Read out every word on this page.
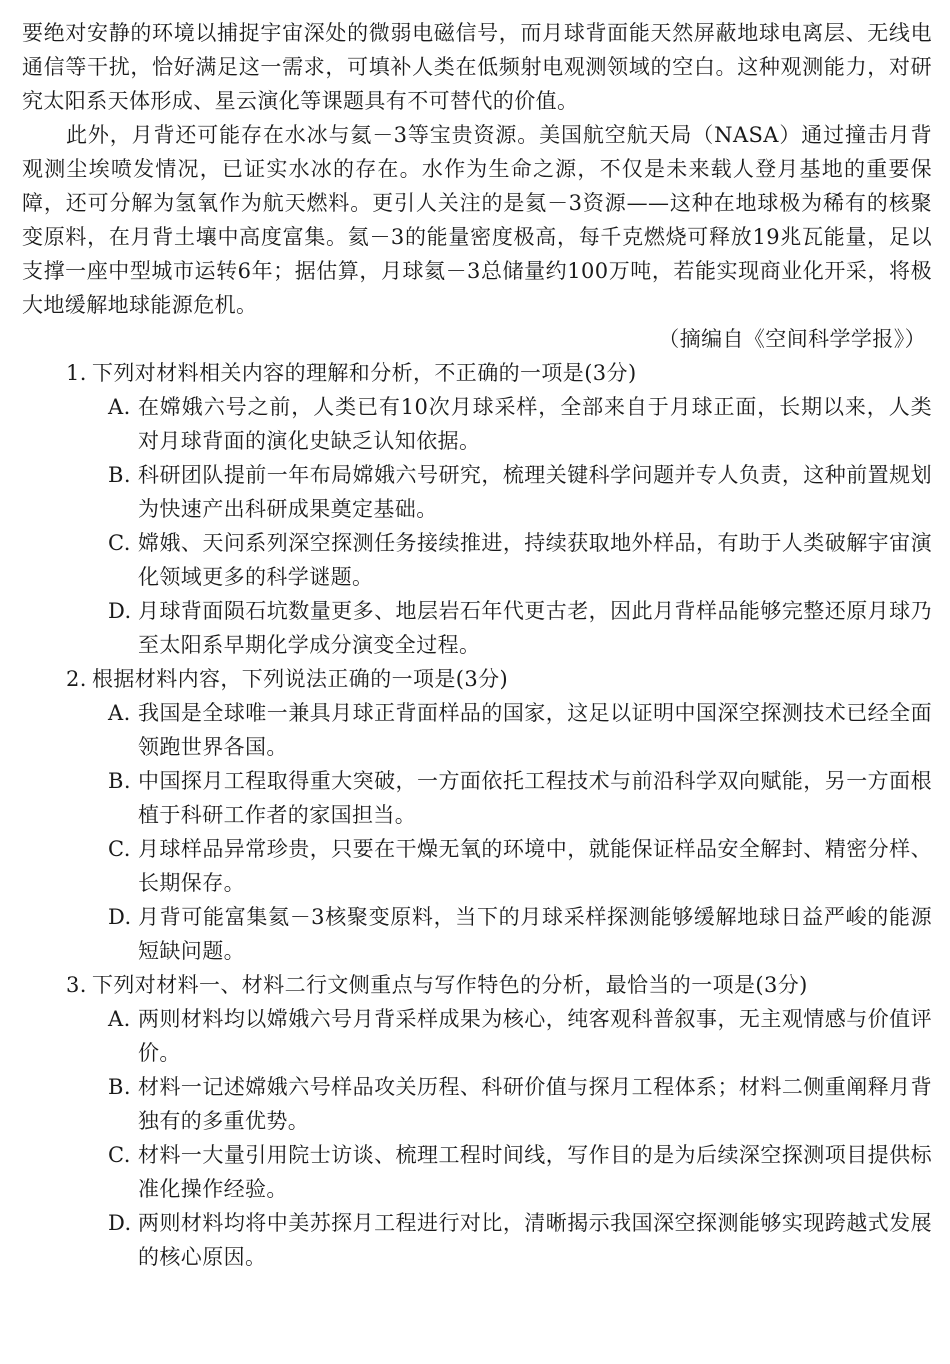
要绝对安静的环境以捕捉宇宙深处的微弱电磁信号，而月球背面能天然屏蔽地球电离层、无线电通信等干扰，恰好满足这一需求，可填补人类在低频射电观测领域的空白。这种观测能力，对研究太阳系天体形成、星云演化等课题具有不可替代的价值。

此外，月背还可能存在水冰与氦－3等宝贵资源。美国航空航天局（NASA）通过撞击月背观测尘埃喷发情况，已证实水冰的存在。水作为生命之源，不仅是未来载人登月基地的重要保障，还可分解为氢氧作为航天燃料。更引人关注的是氦－3资源——这种在地球极为稀有的核聚变原料，在月背土壤中高度富集。氦－3的能量密度极高，每千克燃烧可释放19兆瓦能量，足以支撑一座中型城市运转6年；据估算，月球氦－3总储量约100万吨，若能实现商业化开采，将极大地缓解地球能源危机。

（摘编自《空间科学学报》）

1. 下列对材料相关内容的理解和分析，不正确的一项是(3分)
A. 在嫦娥六号之前，人类已有10次月球采样，全部来自于月球正面，长期以来，人类对月球背面的演化史缺乏认知依据。
B. 科研团队提前一年布局嫦娥六号研究，梳理关键科学问题并专人负责，这种前置规划为快速产出科研成果奠定基础。
C. 嫦娥、天问系列深空探测任务接续推进，持续获取地外样品，有助于人类破解宇宙演化领域更多的科学谜题。
D. 月球背面陨石坑数量更多、地层岩石年代更古老，因此月背样品能够完整还原月球乃至太阳系早期化学成分演变全过程。
2. 根据材料内容，下列说法正确的一项是(3分)
A. 我国是全球唯一兼具月球正背面样品的国家，这足以证明中国深空探测技术已经全面领跑世界各国。
B. 中国探月工程取得重大突破，一方面依托工程技术与前沿科学双向赋能，另一方面根植于科研工作者的家国担当。
C. 月球样品异常珍贵，只要在干燥无氧的环境中，就能保证样品安全解封、精密分样、长期保存。
D. 月背可能富集氦－3核聚变原料，当下的月球采样探测能够缓解地球日益严峻的能源短缺问题。
3. 下列对材料一、材料二行文侧重点与写作特色的分析，最恰当的一项是(3分)
A. 两则材料均以嫦娥六号月背采样成果为核心，纯客观科普叙事，无主观情感与价值评价。
B. 材料一记述嫦娥六号样品攻关历程、科研价值与探月工程体系；材料二侧重阐释月背独有的多重优势。
C. 材料一大量引用院士访谈、梳理工程时间线，写作目的是为后续深空探测项目提供标准化操作经验。
D. 两则材料均将中美苏探月工程进行对比，清晰揭示我国深空探测能够实现跨越式发展的核心原因。
